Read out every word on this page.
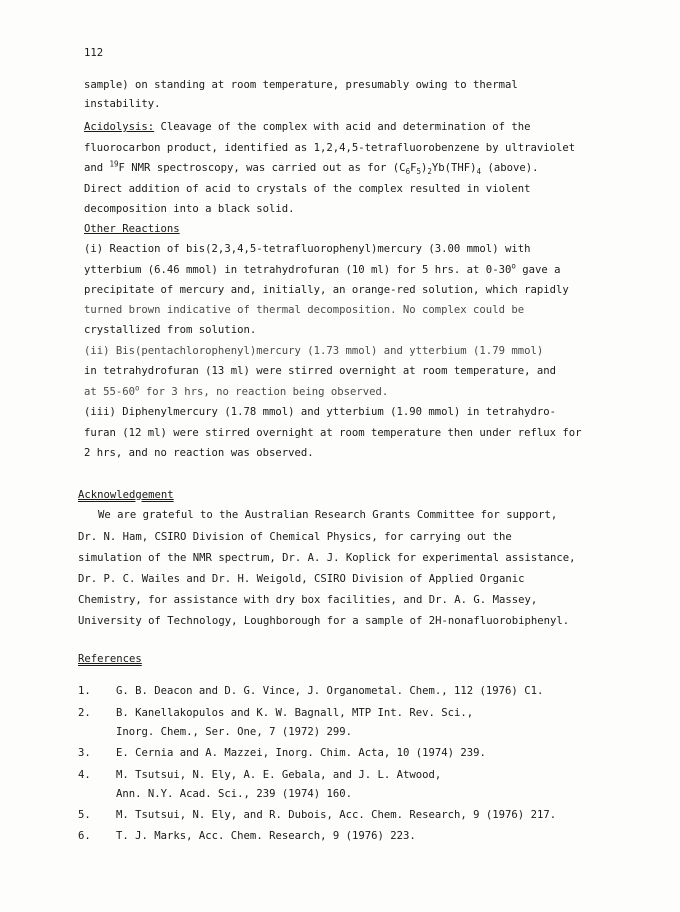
112
sample) on standing at room temperature, presumably owing to thermal
instability.
Acidolysis: Cleavage of the complex with acid and determination of the
fluorocarbon product, identified as 1,2,4,5-tetrafluorobenzene by ultraviolet
and $^{19}$F NMR spectroscopy, was carried out as for $(C_6F_5)_2Yb(THF)_4$ (above).
Direct addition of acid to crystals of the complex resulted in violent
decomposition into a black solid.
Other Reactions
(i) Reaction of bis(2,3,4,5-tetrafluorophenyl)mercury (3.00 mmol) with
ytterbium (6.46 mmol) in tetrahydrofuran (10 ml) for 5 hrs. at 0-30$^o$ gave a
precipitate of mercury and, initially, an orange-red solution, which rapidly
turned brown indicative of thermal decomposition. No complex could be
crystallized from solution.
(ii) Bis(pentachlorophenyl)mercury (1.73 mmol) and ytterbium (1.79 mmol)
in tetrahydrofuran (13 ml) were stirred overnight at room temperature, and
at 55-60$^o$ for 3 hrs, no reaction being observed.
(iii) Diphenylmercury (1.78 mmol) and ytterbium (1.90 mmol) in tetrahydro-
furan (12 ml) were stirred overnight at room temperature then under reflux for
2 hrs, and no reaction was observed.
Acknowledgement
We are grateful to the Australian Research Grants Committee for support,
Dr. N. Ham, CSIRO Division of Chemical Physics, for carrying out the
simulation of the NMR spectrum, Dr. A. J. Koplick for experimental assistance,
Dr. P. C. Wailes and Dr. H. Weigold, CSIRO Division of Applied Organic
Chemistry, for assistance with dry box facilities, and Dr. A. G. Massey,
University of Technology, Loughborough for a sample of 2H-nonafluorobiphenyl.
References
1. G. B. Deacon and D. G. Vince, J. Organometal. Chem., 112 (1976) C1.
2. B. Kanellakopulos and K. W. Bagnall, MTP Int. Rev. Sci.,
Inorg. Chem., Ser. One, 7 (1972) 299.
3. E. Cernia and A. Mazzei, Inorg. Chim. Acta, 10 (1974) 239.
4. M. Tsutsui, N. Ely, A. E. Gebala, and J. L. Atwood,
Ann. N.Y. Acad. Sci., 239 (1974) 160.
5. M. Tsutsui, N. Ely, and R. Dubois, Acc. Chem. Research, 9 (1976) 217.
6. T. J. Marks, Acc. Chem. Research, 9 (1976) 223.
